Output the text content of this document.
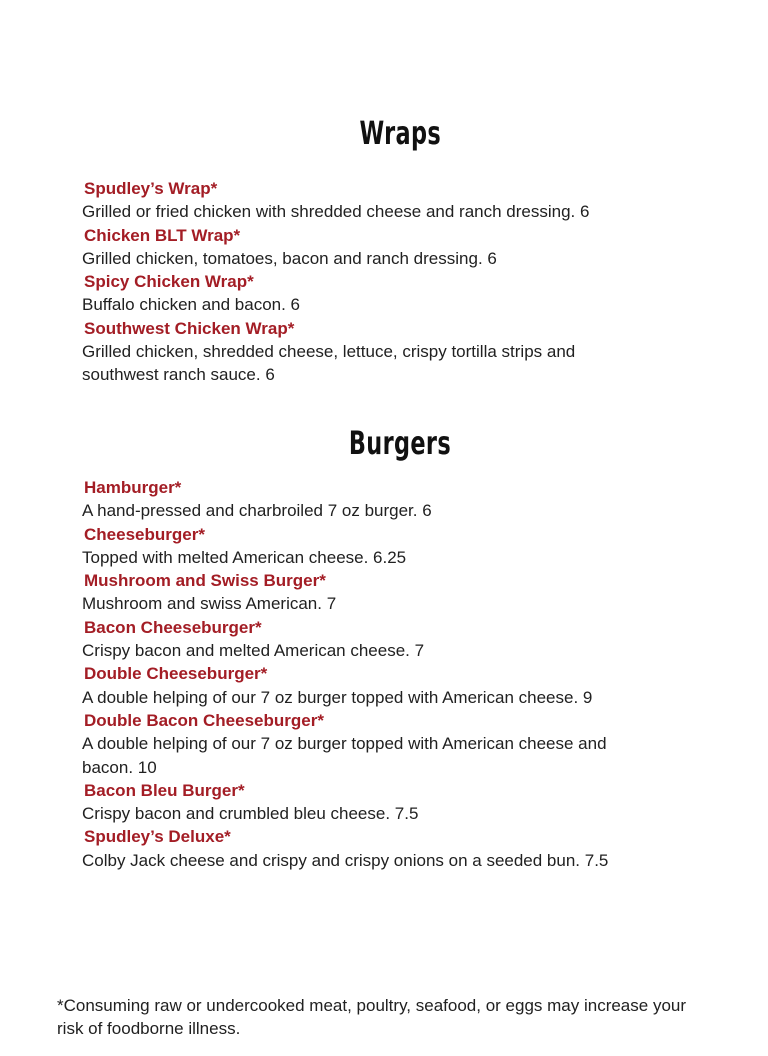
Wraps
Spudley’s Wrap*
Grilled or fried chicken with shredded cheese and ranch dressing. 6
Chicken BLT Wrap*
Grilled chicken, tomatoes, bacon and ranch dressing. 6
Spicy Chicken Wrap*
Buffalo chicken and bacon. 6
Southwest Chicken Wrap*
Grilled chicken, shredded cheese, lettuce, crispy tortilla strips and
southwest ranch sauce. 6
Burgers
Hamburger*
A hand-pressed and charbroiled 7 oz burger. 6
Cheeseburger*
Topped with melted American cheese. 6.25
Mushroom and Swiss Burger*
Mushroom and swiss American. 7
Bacon Cheeseburger*
Crispy bacon and melted American cheese. 7
Double Cheeseburger*
A double helping of our 7 oz burger topped with American cheese. 9
Double Bacon Cheeseburger*
A double helping of our 7 oz burger topped with American cheese and
bacon. 10
Bacon Bleu Burger*
Crispy bacon and crumbled bleu cheese. 7.5
Spudley’s Deluxe*
Colby Jack cheese and crispy and crispy onions on a seeded bun. 7.5
*Consuming raw or undercooked meat, poultry, seafood, or eggs may increase your
risk of foodborne illness.
